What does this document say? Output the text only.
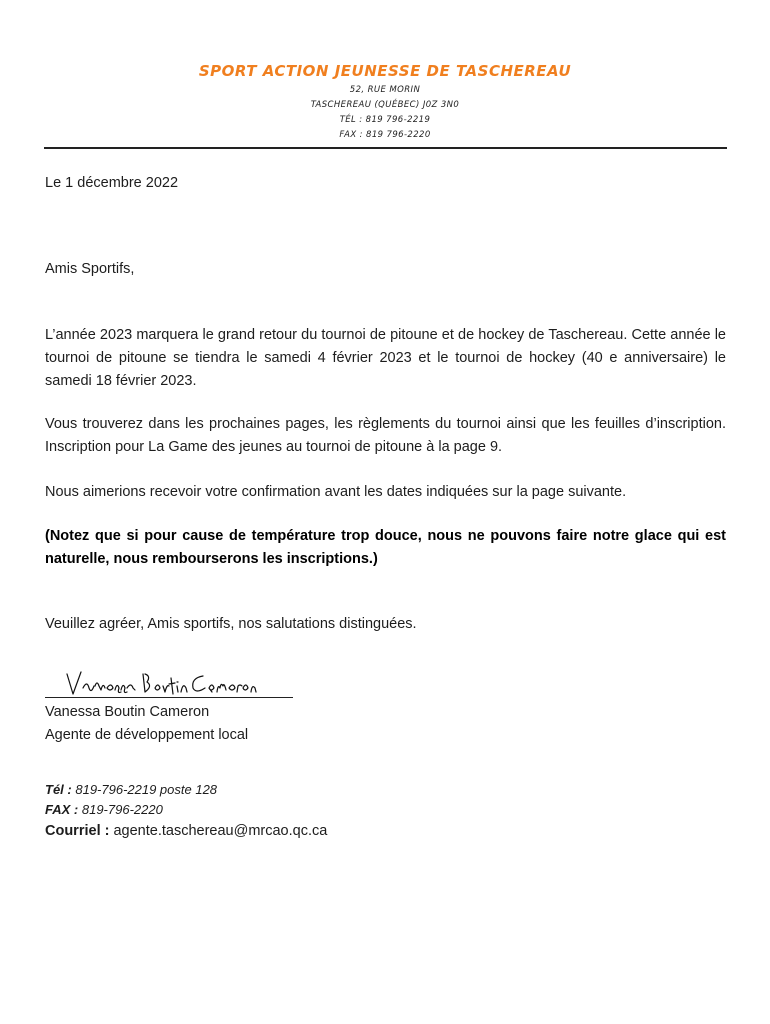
SPORT ACTION JEUNESSE DE TASCHEREAU
52, RUE MORIN
TASCHEREAU (QUÉBEC) J0Z 3N0
TÉL : 819 796-2219
FAX : 819 796-2220
Le 1 décembre 2022
Amis Sportifs,
L’année 2023 marquera le grand retour du tournoi de pitoune et de hockey de Taschereau. Cette année le tournoi de pitoune se tiendra le samedi 4 février 2023 et le tournoi de hockey (40 e anniversaire) le samedi 18 février 2023.
Vous trouverez dans les prochaines pages, les règlements du tournoi ainsi que les feuilles d’inscription. Inscription pour La Game des jeunes au tournoi de pitoune à la page 9.
Nous aimerions recevoir votre confirmation avant les dates indiquées sur la page suivante.
(Notez que si pour cause de température trop douce, nous ne pouvons faire notre glace qui est naturelle, nous rembourserons les inscriptions.)
Veuillez agréer, Amis sportifs, nos salutations distinguées.
Vanessa Boutin Cameron
Agente de développement local
Tél : 819-796-2219 poste 128
FAX : 819-796-2220
Courriel : agente.taschereau@mrcao.qc.ca
